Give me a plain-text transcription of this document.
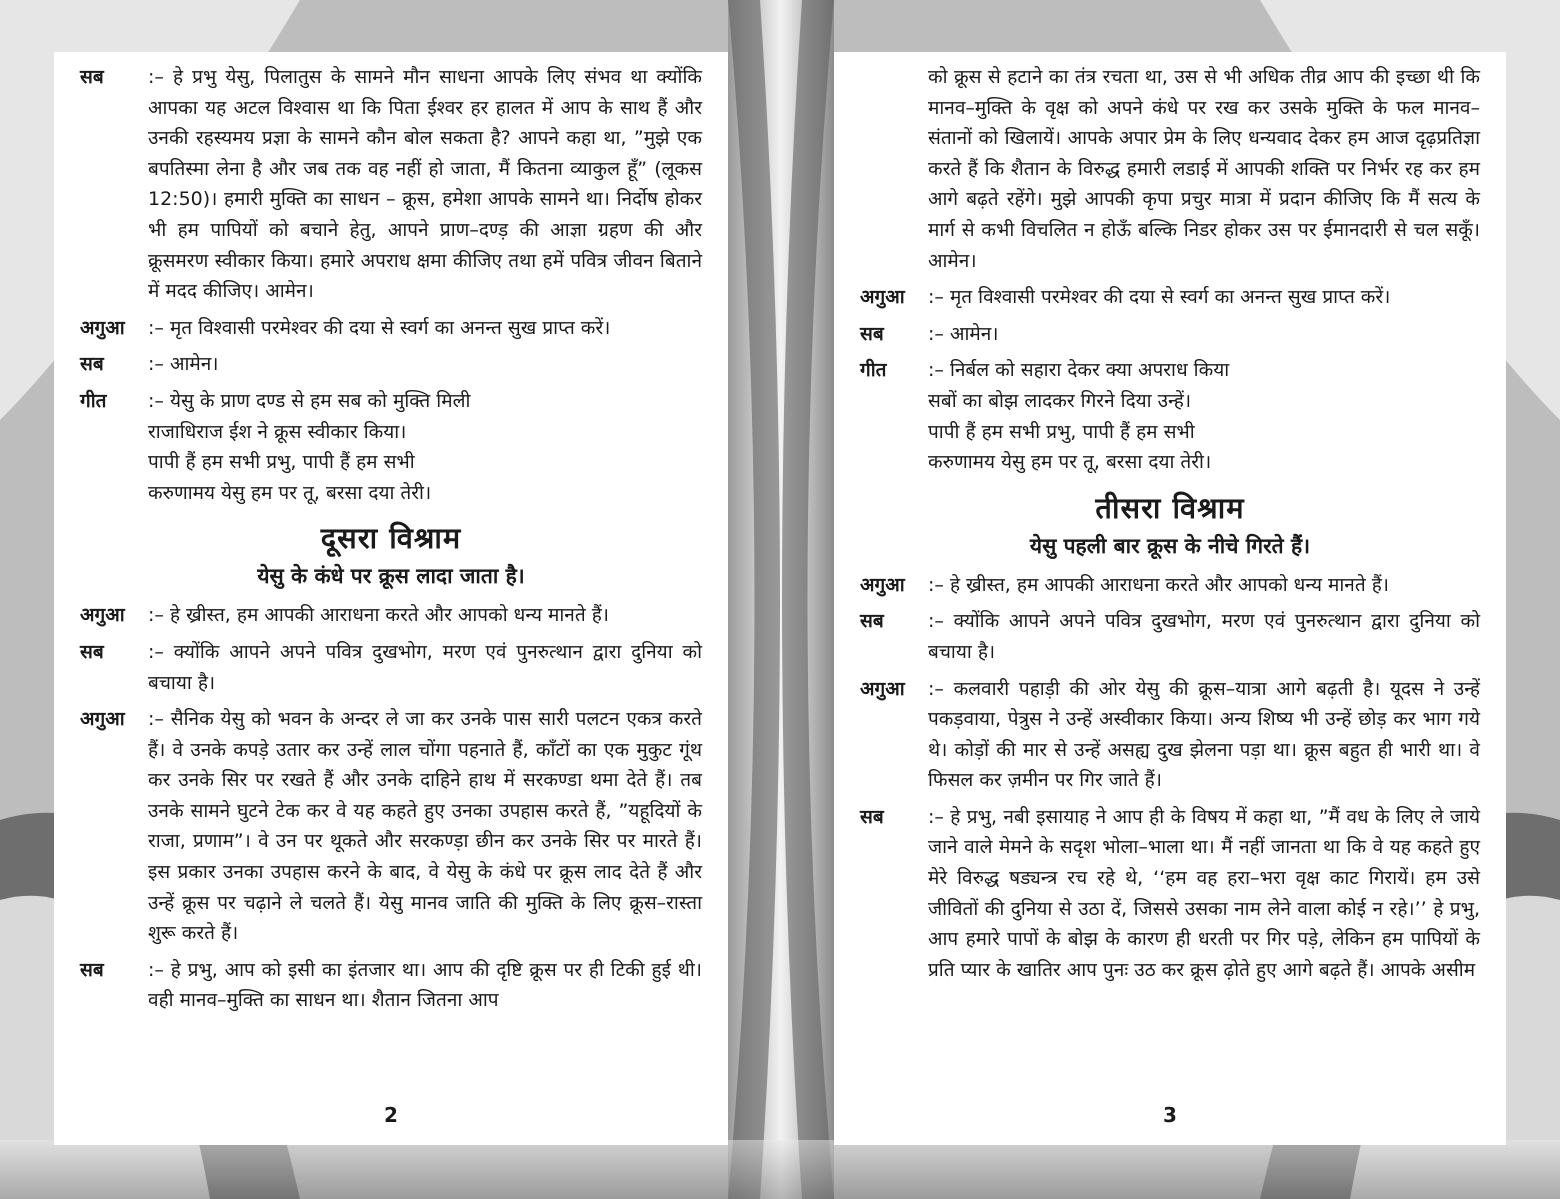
सब	:– हे प्रभु येसु, पिलातुस के सामने मौन साधना आपके लिए संभव था क्योंकि आपका यह अटल विश्वास था कि पिता ईश्वर हर हालत में आप के साथ हैं और उनकी रहस्यमय प्रज्ञा के सामने कौन बोल सकता है? आपने कहा था, ”मुझे एक बपतिस्मा लेना है और जब तक वह नहीं हो जाता, मैं कितना व्याकुल हूँ” (लूकस 12:50)। हमारी मुक्ति का साधन – क्रूस, हमेशा आपके सामने था। निर्दोष होकर भी हम पापियों को बचाने हेतु, आपने प्राण–दण्ड़ की आज्ञा ग्रहण की और क्रूसमरण स्वीकार किया। हमारे अपराध क्षमा कीजिए तथा हमें पवित्र जीवन बिताने में मदद कीजिए। आमेन।
अगुआ	:– मृत विश्वासी परमेश्वर की दया से स्वर्ग का अनन्त सुख प्राप्त करें।
सब	:– आमेन।
गीत	:– येसु के प्राण दण्ड से हम सब को मुक्ति मिली
राजाधिराज ईश ने क्रूस स्वीकार किया।
पापी हैं हम सभी प्रभु, पापी हैं हम सभी
करुणामय येसु हम पर तू, बरसा दया तेरी।
दूसरा विश्राम
येसु के कंधे पर क्रूस लादा जाता है।
अगुआ	:– हे ख्रीस्त, हम आपकी आराधना करते और आपको धन्य मानते हैं।
सब	:– क्योंकि आपने अपने पवित्र दुखभोग, मरण एवं पुनरुत्थान द्वारा दुनिया को बचाया है।
अगुआ	:– सैनिक येसु को भवन के अन्दर ले जा कर उनके पास सारी पलटन एकत्र करते हैं। वे उनके कपड़े उतार कर उन्हें लाल चोंगा पहनाते हैं, काँटों का एक मुकुट गूंथ कर उनके सिर पर रखते हैं और उनके दाहिने हाथ में सरकण्डा थमा देते हैं। तब उनके सामने घुटने टेक कर वे यह कहते हुए उनका उपहास करते हैं, ”यहूदियों के राजा, प्रणाम”। वे उन पर थूकते और सरकण्ड़ा छीन कर उनके सिर पर मारते हैं। इस प्रकार उनका उपहास करने के बाद, वे येसु के कंधे पर क्रूस लाद देते हैं और उन्हें क्रूस पर चढ़ाने ले चलते हैं। येसु मानव जाति की मुक्ति के लिए क्रूस–रास्ता शुरू करते हैं।
सब	:– हे प्रभु, आप को इसी का इंतजार था। आप की दृष्टि क्रूस पर ही टिकी हुई थी। वही मानव–मुक्ति का साधन था। शैतान जितना आप
2
को क्रूस से हटाने का तंत्र रचता था, उस से भी अधिक तीव्र आप की इच्छा थी कि मानव–मुक्ति के वृक्ष को अपने कंधे पर रख कर उसके मुक्ति के फल मानव–संतानों को खिलायें। आपके अपार प्रेम के लिए धन्यवाद देकर हम आज दृढ़प्रतिज्ञा करते हैं कि शैतान के विरुद्ध हमारी लडाई में आपकी शक्ति पर निर्भर रह कर हम आगे बढ़ते रहेंगे। मुझे आपकी कृपा प्रचुर मात्रा में प्रदान कीजिए कि मैं सत्य के मार्ग से कभी विचलित न होऊँ बल्कि निडर होकर उस पर ईमानदारी से चल सकूँ। आमेन।
अगुआ	:– मृत विश्वासी परमेश्वर की दया से स्वर्ग का अनन्त सुख प्राप्त करें।
सब	:– आमेन।
गीत	:– निर्बल को सहारा देकर क्या अपराध किया
सबों का बोझ लादकर गिरने दिया उन्हें।
पापी हैं हम सभी प्रभु, पापी हैं हम सभी
करुणामय येसु हम पर तू, बरसा दया तेरी।
तीसरा विश्राम
येसु पहली बार क्रूस के नीचे गिरते हैं।
अगुआ	:– हे ख्रीस्त, हम आपकी आराधना करते और आपको धन्य मानते हैं।
सब	:– क्योंकि आपने अपने पवित्र दुखभोग, मरण एवं पुनरुत्थान द्वारा दुनिया को बचाया है।
अगुआ	:– कलवारी पहाड़ी की ओर येसु की क्रूस–यात्रा आगे बढ़ती है। यूदस ने उन्हें पकड़वाया, पेत्रुस ने उन्हें अस्वीकार किया। अन्य शिष्य भी उन्हें छोड़ कर भाग गये थे। कोड़ों की मार से उन्हें असह्य दुख झेलना पड़ा था। क्रूस बहुत ही भारी था। वे फिसल कर ज़मीन पर गिर जाते हैं।
सब	:– हे प्रभु, नबी इसायाह ने आप ही के विषय में कहा था, ”मैं वध के लिए ले जाये जाने वाले मेमने के सदृश भोला–भाला था। मैं नहीं जानता था कि वे यह कहते हुए मेरे विरुद्ध षड्यन्त्र रच रहे थे, ‘‘हम वह हरा–भरा वृक्ष काट गिरायें। हम उसे जीवितों की दुनिया से उठा दें, जिससे उसका नाम लेने वाला कोई न रहे।’’ हे प्रभु, आप हमारे पापों के बोझ के कारण ही धरती पर गिर पड़े, लेकिन हम पापियों के प्रति प्यार के खातिर आप पुनः उठ कर क्रूस ढ़ोते हुए आगे बढ़ते हैं। आपके असीम
3
